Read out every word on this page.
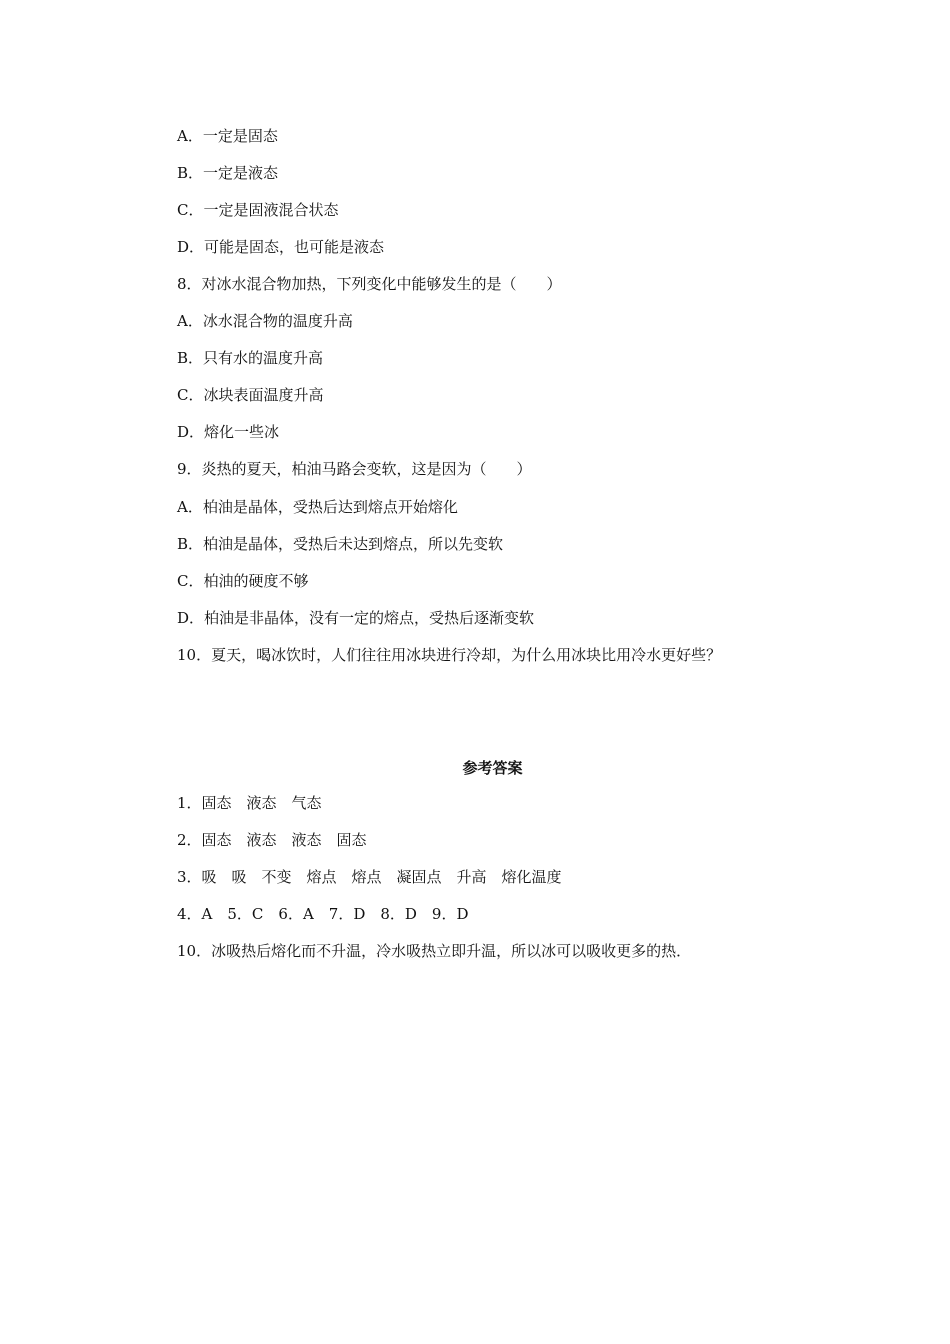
A．一定是固态
B．一定是液态
C．一定是固液混合状态
D．可能是固态，也可能是液态
8．对冰水混合物加热，下列变化中能够发生的是（　　）
A．冰水混合物的温度升高
B．只有水的温度升高
C．冰块表面温度升高
D．熔化一些冰
9．炎热的夏天，柏油马路会变软，这是因为（　　）
A．柏油是晶体，受热后达到熔点开始熔化
B．柏油是晶体，受热后未达到熔点，所以先变软
C．柏油的硬度不够
D．柏油是非晶体，没有一定的熔点，受热后逐渐变软
10．夏天，喝冰饮时，人们往往用冰块进行冷却，为什么用冰块比用冷水更好些？
参考答案
1．固态　液态　气态
2．固态　液态　液态　固态
3．吸　吸　不变　熔点　熔点　凝固点　升高　熔化温度
4．A　5．C　6．A　7．D　8．D　9．D
10．冰吸热后熔化而不升温，冷水吸热立即升温，所以冰可以吸收更多的热．
